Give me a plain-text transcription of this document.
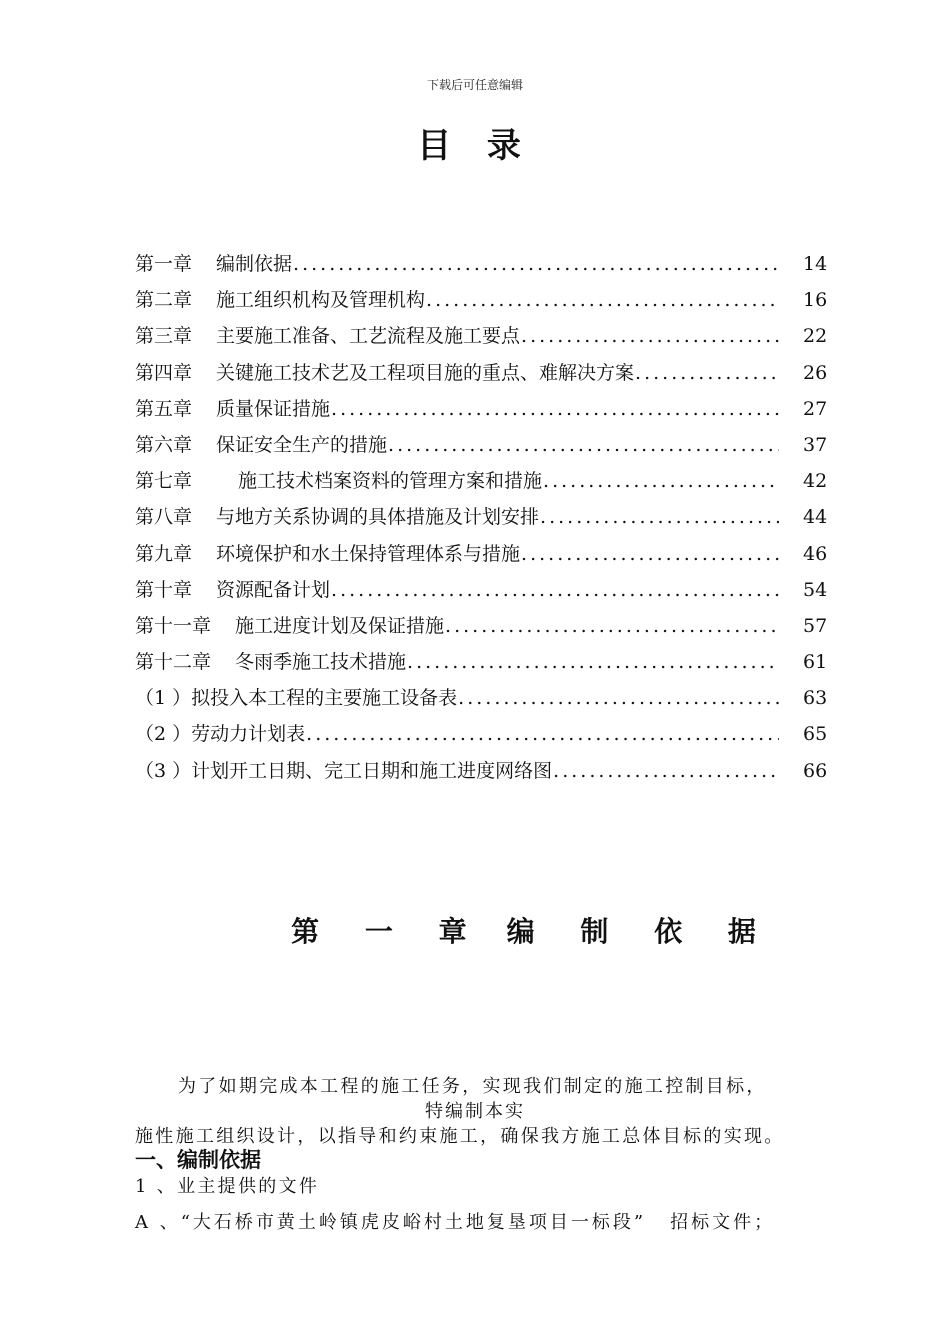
下载后可任意编辑
目 录
第一章 编制依据 .....	14
第二章 施工组织机构及管理机构 .....	16
第三章 主要施工准备、工艺流程及施工要点 .....	22
第四章 关键施工技术艺及工程项目施的重点、难解决方案 .....	26
第五章 质量保证措施 .....	27
第六章 保证安全生产的措施 .....	37
第七章 施工技术档案资料的管理方案和措施 .....	42
第八章 与地方关系协调的具体措施及计划安排 .....	44
第九章 环境保护和水土保持管理体系与措施 .....	46
第十章 资源配备计划 .....	54
第十一章 施工进度计划及保证措施 .....	57
第十二章 冬雨季施工技术措施 .....	61
（1 ） 拟投入本工程的主要施工设备表 .....	63
（2 ） 劳动力计划表 .....	65
（3 ） 计划开工日期、完工日期和施工进度网络图 .....	66
第 一 章 编 制 依 据
为了如期完成本工程的施工任务，实现我们制定的施工控制目标，
特编制本实
施性施工组织设计，以指导和约束施工，确保我方施工总体目标的实现。
一、编制依据
1 、业主提供的文件
A 、“大石桥市黄土岭镇虎皮峪村土地复垦项目一标段” 招标文件；
